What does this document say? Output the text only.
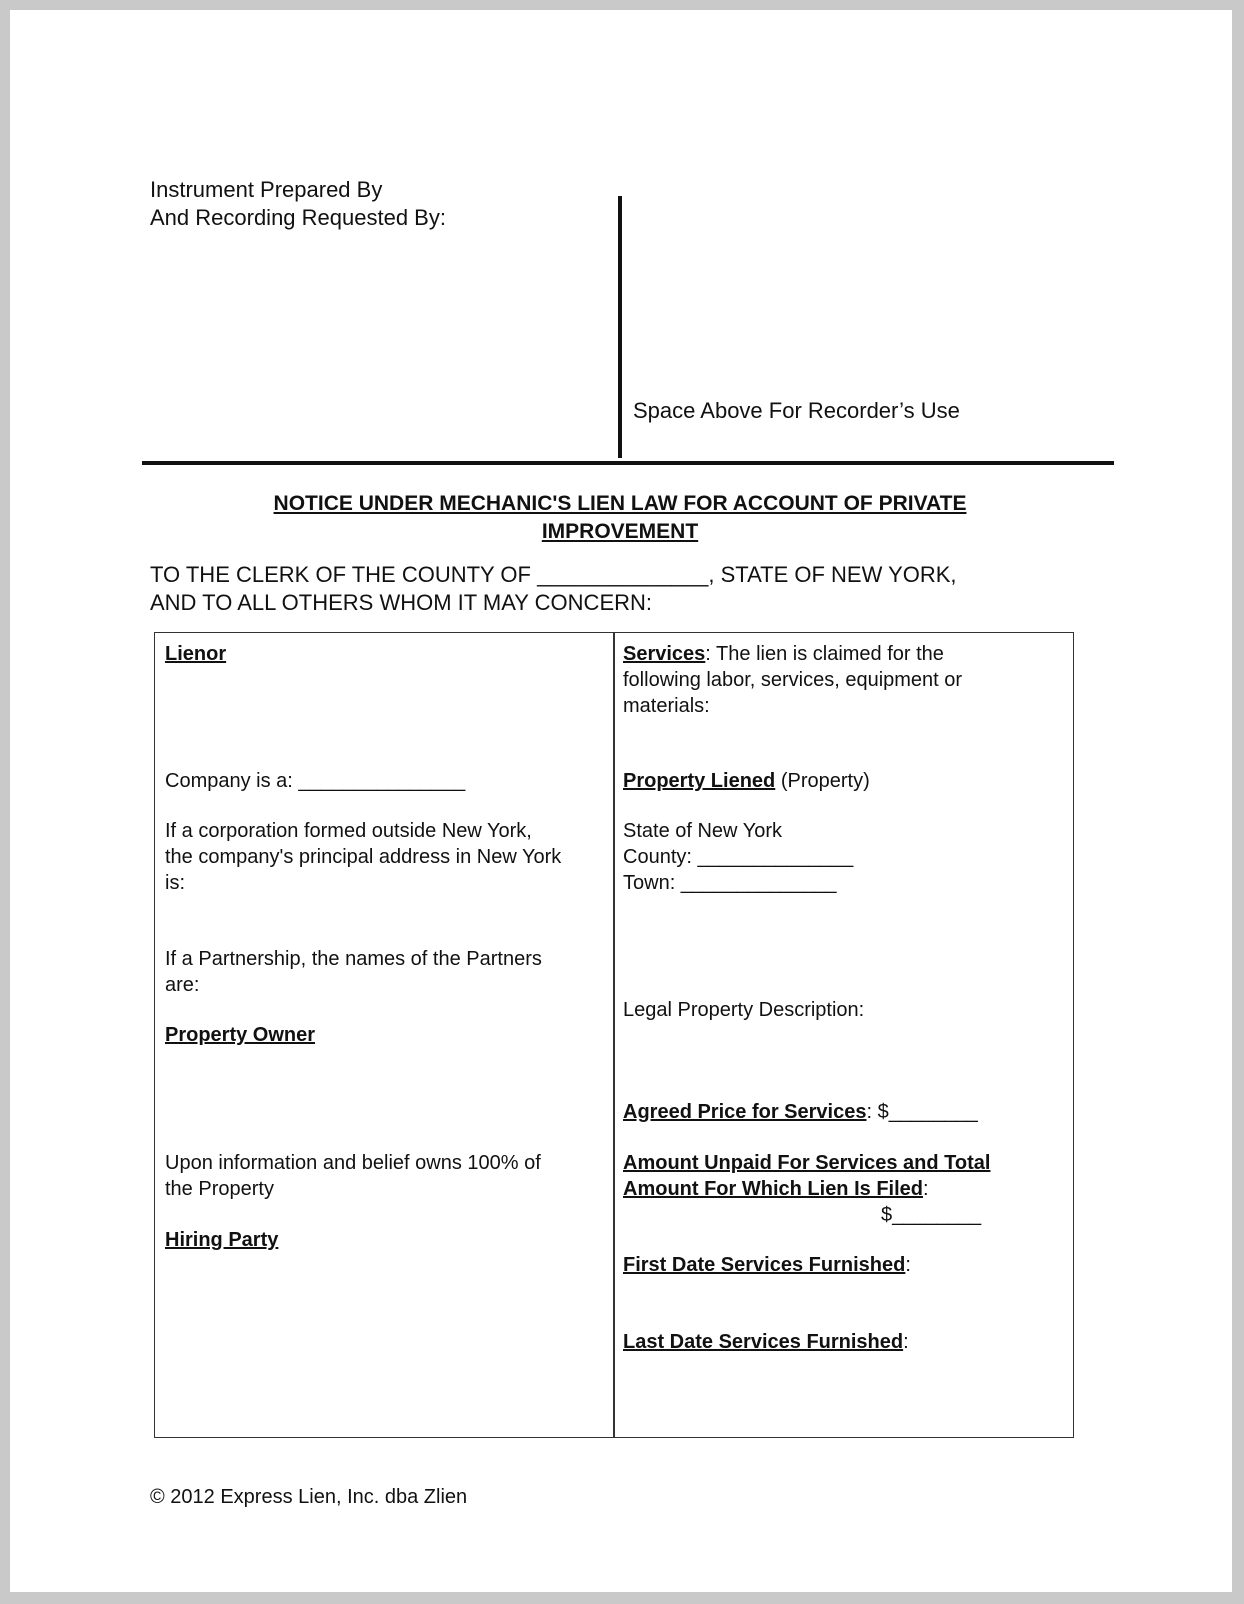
Instrument Prepared By
And Recording Requested By:
Space Above For Recorder’s Use
NOTICE UNDER MECHANIC'S LIEN LAW FOR ACCOUNT OF PRIVATE
IMPROVEMENT
TO THE CLERK OF THE COUNTY OF ______________, STATE OF NEW YORK,
AND TO ALL OTHERS WHOM IT MAY CONCERN:
Lienor
Company is a: _______________
If a corporation formed outside New York,
the company's principal address in New York
is:
If a Partnership, the names of the Partners
are:
Property Owner
Upon information and belief owns 100% of
the Property
Hiring Party
Services: The lien is claimed for the
following labor, services, equipment or
materials:
Property Liened (Property)
State of New York
County: ______________
Town: ______________
Legal Property Description:
Agreed Price for Services: $________
Amount Unpaid For Services and Total
Amount For Which Lien Is Filed:
$________
First Date Services Furnished:
Last Date Services Furnished:
© 2012 Express Lien, Inc. dba Zlien
